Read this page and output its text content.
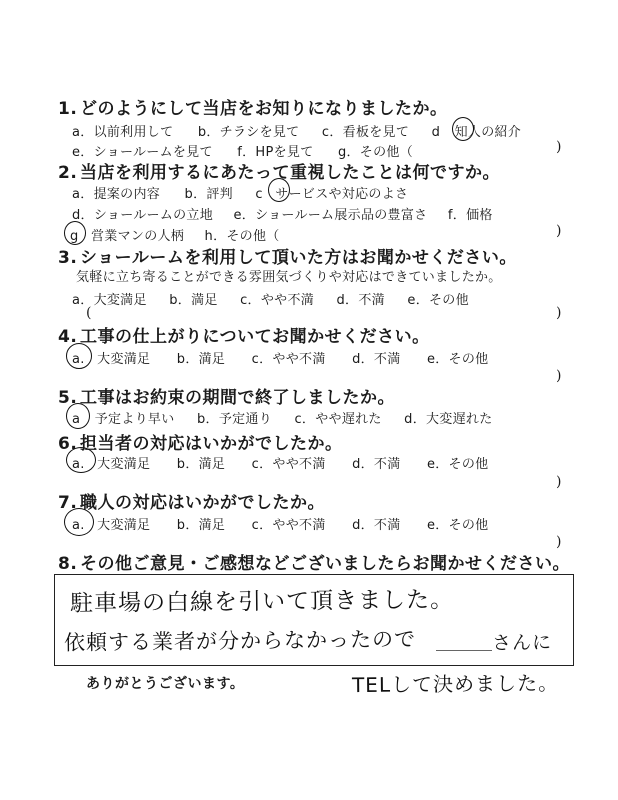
1. どのようにして当店をお知りになりましたか。
a．以前利用して b．チラシを見て c．看板を見て d 知人の紹介
e．ショールームを見て f．HPを見て g．その他（	)
2. 当店を利用するにあたって重視したことは何ですか。
a．提案の内容 b．評判 c サービスや対応のよさ
d．ショールームの立地 e．ショールーム展示品の豊富さ f．価格
g 営業マンの人柄 h．その他（	)
3. ショールームを利用して頂いた方はお聞かせください。
気軽に立ち寄ることができる雰囲気づくりや対応はできていましたか。
a．大変満足 b．満足 c．やや不満 d．不満 e．その他
(	)
4. 工事の仕上がりについてお聞かせください。
a. 大変満足 b．満足 c．やや不満 d．不満 e．その他
)
5. 工事はお約束の期間で終了しましたか。
a 予定より早い b．予定通り c．やや遅れた d．大変遅れた
6. 担当者の対応はいかがでしたか。
a. 大変満足 b．満足 c．やや不満 d．不満 e．その他
)
7. 職人の対応はいかがでしたか。
a. 大変満足 b．満足 c．やや不満 d．不満 e．その他
)
8. その他ご意見・ご感想などございましたらお聞かせください。
駐車場の白線を引いて頂きました。
依頼する業者が分からなかったので	さんに
ありがとうございます。	TELして決めました。
